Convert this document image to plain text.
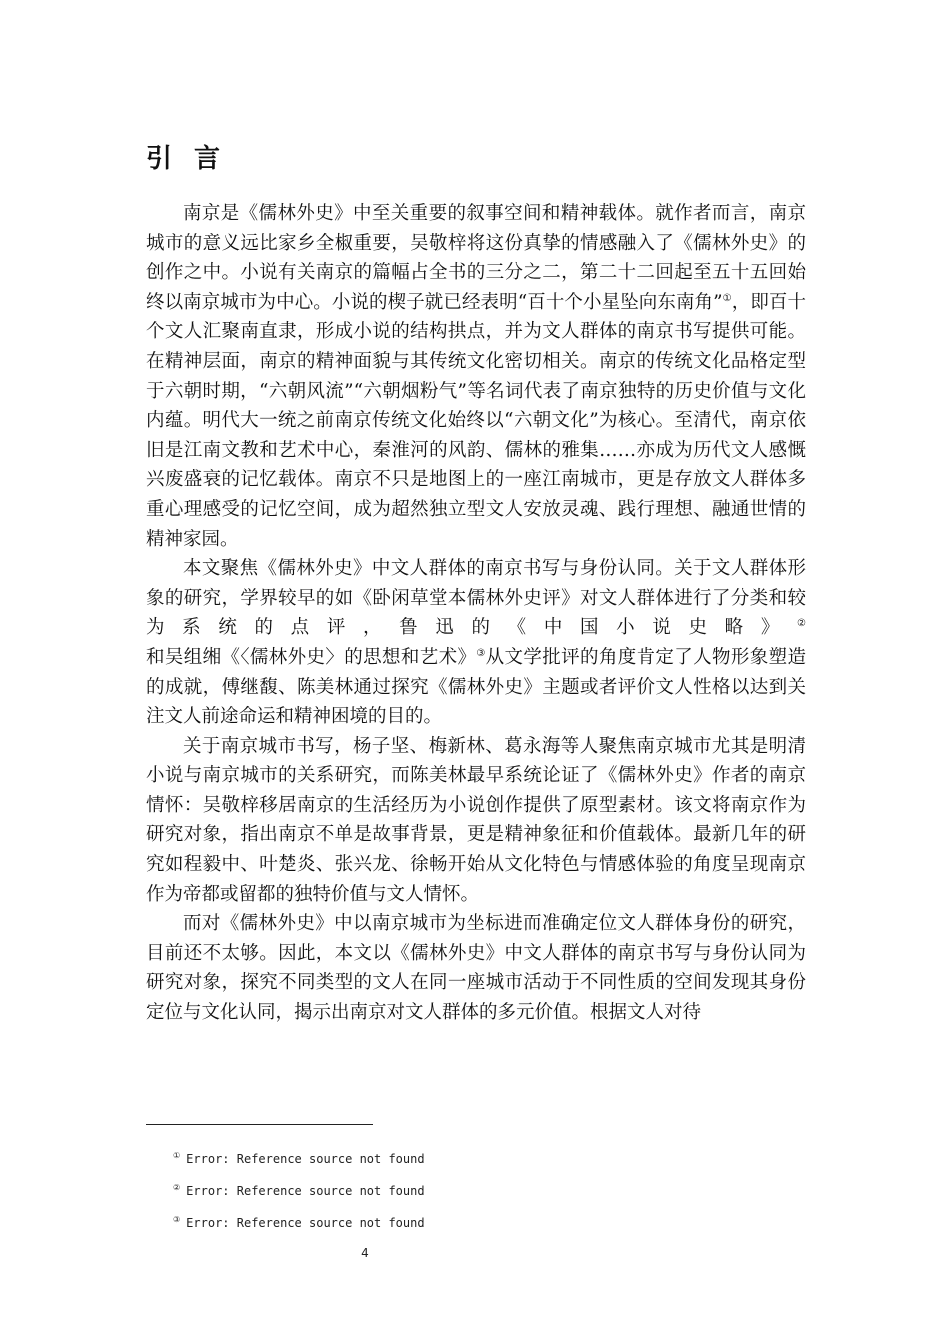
引言

南京是《儒林外史》中至关重要的叙事空间和精神载体。就作者而言，南京城市的意义远比家乡全椒重要，吴敬梓将这份真挚的情感融入了《儒林外史》的创作之中。小说有关南京的篇幅占全书的三分之二，第二十二回起至五十五回始终以南京城市为中心。小说的楔子就已经表明“百十个小星坠向东南角”①，即百十个文人汇聚南直隶，形成小说的结构拱点，并为文人群体的南京书写提供可能。在精神层面，南京的精神面貌与其传统文化密切相关。南京的传统文化品格定型于六朝时期，“六朝风流”“六朝烟粉气”等名词代表了南京独特的历史价值与文化内蕴。明代大一统之前南京传统文化始终以“六朝文化”为核心。至清代，南京依旧是江南文教和艺术中心，秦淮河的风韵、儒林的雅集……亦成为历代文人感慨兴废盛衰的记忆载体。南京不只是地图上的一座江南城市，更是存放文人群体多重心理感受的记忆空间，成为超然独立型文人安放灵魂、践行理想、融通世情的精神家园。

本文聚焦《儒林外史》中文人群体的南京书写与身份认同。关于文人群体形象的研究，学界较早的如《卧闲草堂本儒林外史评》对文人群体进行了分类和较为系统的点评，鲁迅的《中国小说史略》②和吴组缃《〈儒林外史〉的思想和艺术》③从文学批评的角度肯定了人物形象塑造的成就，傅继馥、陈美林通过探究《儒林外史》主题或者评价文人性格以达到关注文人前途命运和精神困境的目的。

关于南京城市书写，杨子坚、梅新林、葛永海等人聚焦南京城市尤其是明清小说与南京城市的关系研究，而陈美林最早系统论证了《儒林外史》作者的南京情怀：吴敬梓移居南京的生活经历为小说创作提供了原型素材。该文将南京作为研究对象，指出南京不单是故事背景，更是精神象征和价值载体。最新几年的研究如程毅中、叶楚炎、张兴龙、徐畅开始从文化特色与情感体验的角度呈现南京作为帝都或留都的独特价值与文人情怀。

而对《儒林外史》中以南京城市为坐标进而准确定位文人群体身份的研究，目前还不太够。因此，本文以《儒林外史》中文人群体的南京书写与身份认同为研究对象，探究不同类型的文人在同一座城市活动于不同性质的空间发现其身份定位与文化认同，揭示出南京对文人群体的多元价值。根据文人对待

① Error: Reference source not found
② Error: Reference source not found
③ Error: Reference source not found
4
